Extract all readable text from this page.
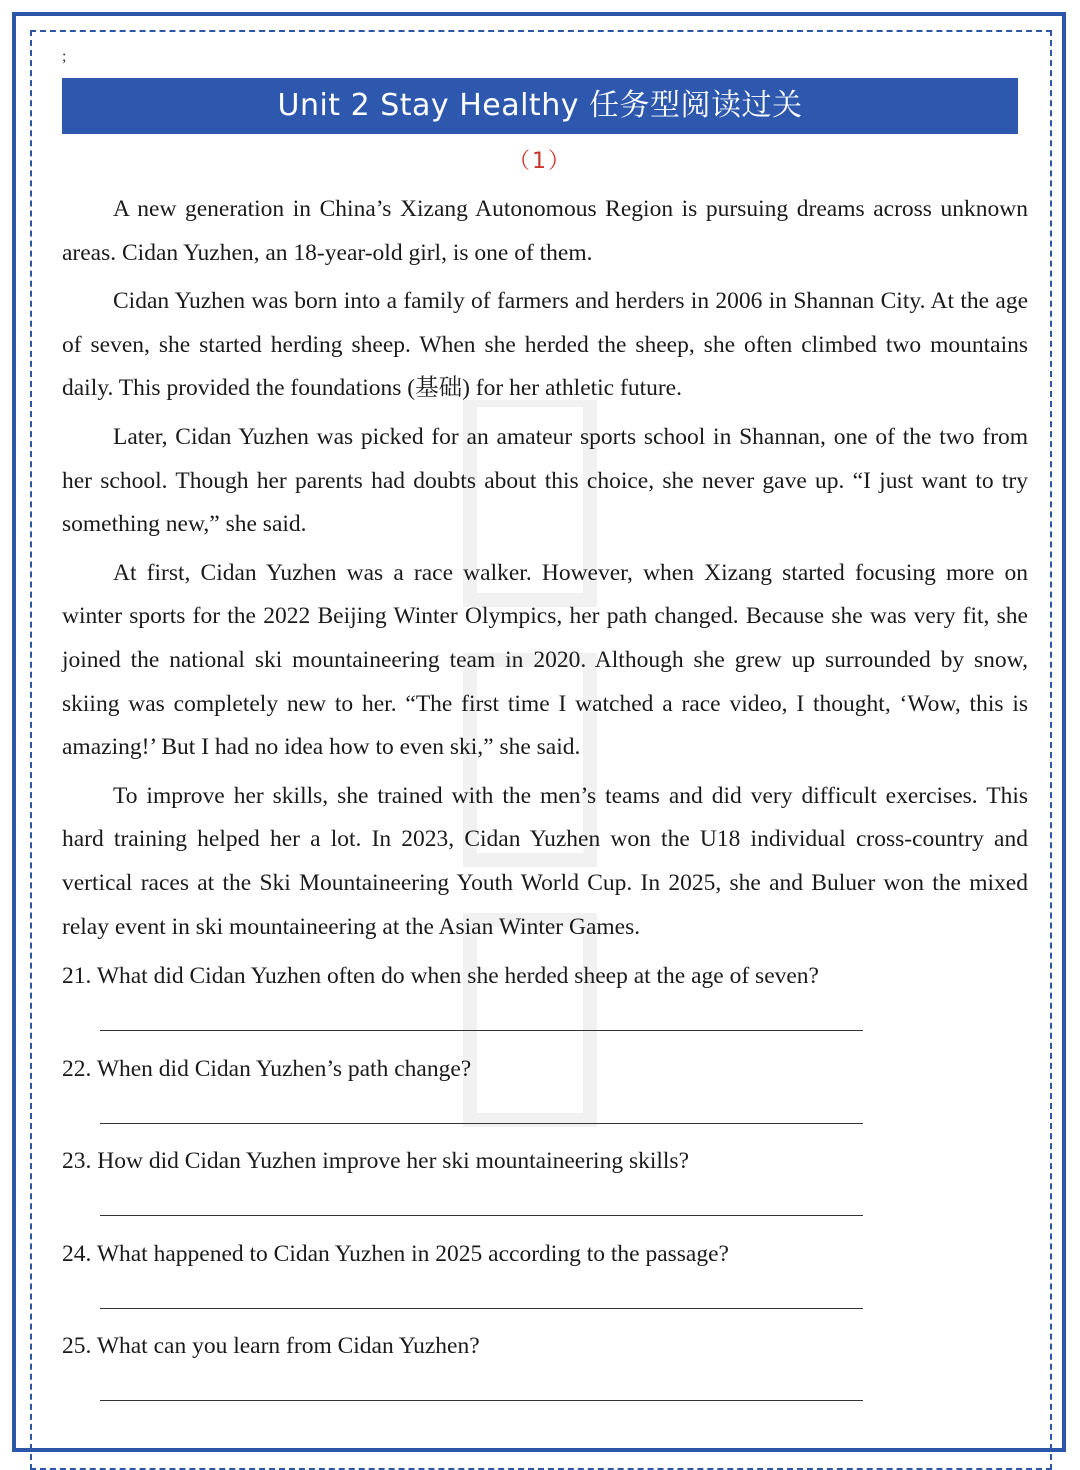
;
Unit 2 Stay Healthy 任务型阅读过关
（1）

A new generation in China’s Xizang Autonomous Region is pursuing dreams across unknown areas. Cidan Yuzhen, an 18-year-old girl, is one of them.

Cidan Yuzhen was born into a family of farmers and herders in 2006 in Shannan City. At the age of seven, she started herding sheep. When she herded the sheep, she often climbed two mountains daily. This provided the foundations (基础) for her athletic future.

Later, Cidan Yuzhen was picked for an amateur sports school in Shannan, one of the two from her school. Though her parents had doubts about this choice, she never gave up. “I just want to try something new,” she said.

At first, Cidan Yuzhen was a race walker. However, when Xizang started focusing more on winter sports for the 2022 Beijing Winter Olympics, her path changed. Because she was very fit, she joined the national ski mountaineering team in 2020. Although she grew up surrounded by snow, skiing was completely new to her. “The first time I watched a race video, I thought, ‘Wow, this is amazing!’ But I had no idea how to even ski,” she said.

To improve her skills, she trained with the men’s teams and did very difficult exercises. This hard training helped her a lot. In 2023, Cidan Yuzhen won the U18 individual cross-country and vertical races at the Ski Mountaineering Youth World Cup. In 2025, she and Buluer won the mixed relay event in ski mountaineering at the Asian Winter Games.

21. What did Cidan Yuzhen often do when she herded sheep at the age of seven?
22. When did Cidan Yuzhen’s path change?
23. How did Cidan Yuzhen improve her ski mountaineering skills?
24. What happened to Cidan Yuzhen in 2025 according to the passage?
25. What can you learn from Cidan Yuzhen?
